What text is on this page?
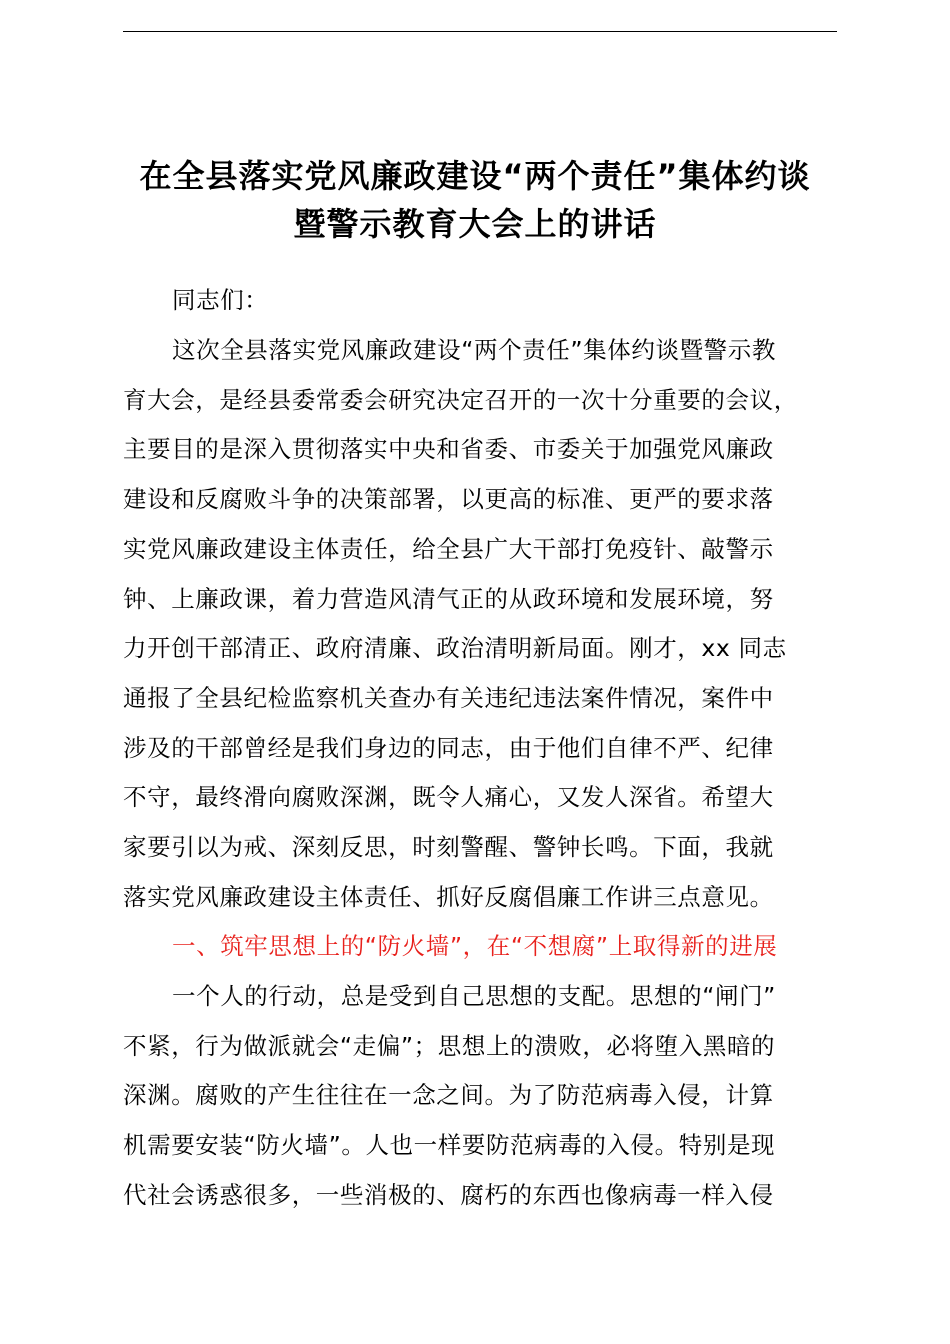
在全县落实党风廉政建设“两个责任”集体约谈
暨警示教育大会上的讲话
同志们：
这次全县落实党风廉政建设“两个责任”集体约谈暨警示教
育大会，是经县委常委会研究决定召开的一次十分重要的会议，
主要目的是深入贯彻落实中央和省委、市委关于加强党风廉政
建设和反腐败斗争的决策部署，以更高的标准、更严的要求落
实党风廉政建设主体责任，给全县广大干部打免疫针、敲警示
钟、上廉政课，着力营造风清气正的从政环境和发展环境，努
力开创干部清正、政府清廉、政治清明新局面。刚才，xx 同志
通报了全县纪检监察机关查办有关违纪违法案件情况，案件中
涉及的干部曾经是我们身边的同志，由于他们自律不严、纪律
不守，最终滑向腐败深渊，既令人痛心，又发人深省。希望大
家要引以为戒、深刻反思，时刻警醒、警钟长鸣。下面，我就
落实党风廉政建设主体责任、抓好反腐倡廉工作讲三点意见。
一、筑牢思想上的“防火墙”，在“不想腐”上取得新的进展
一个人的行动，总是受到自己思想的支配。思想的“闸门”
不紧，行为做派就会“走偏”；思想上的溃败，必将堕入黑暗的
深渊。腐败的产生往往在一念之间。为了防范病毒入侵，计算
机需要安装“防火墙”。人也一样要防范病毒的入侵。特别是现
代社会诱惑很多，一些消极的、腐朽的东西也像病毒一样入侵
